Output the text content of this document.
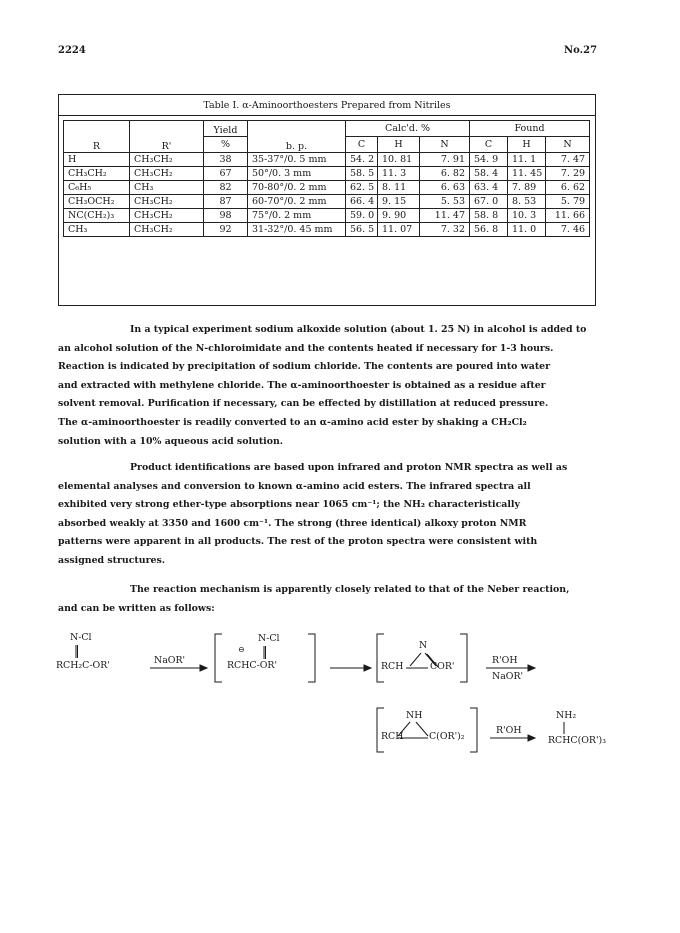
2224	No.27
Table I. α-Aminoorthoesters Prepared from Nitriles
R	R'	Yield	b. p.	Calc'd. %			Found		
				C	H	N	C	H	N
		%							
H	CH₃CH₂	38	35-37°/0. 5 mm	54. 2	10. 81	7. 91	54. 9	11. 1	7. 47
CH₃CH₂	CH₃CH₂	67	50°/0. 3 mm	58. 5	11. 3	6. 82	58. 4	11. 45	7. 29
C₆H₅	CH₃	82	70-80°/0. 2 mm	62. 5	8. 11	6. 63	63. 4	7. 89	6. 62
CH₃OCH₂	CH₃CH₂	87	60-70°/0. 2 mm	66. 4	9. 15	5. 53	67. 0	8. 53	5. 79
NC(CH₂)₃	CH₃CH₂	98	75°/0. 2 mm	59. 0	9. 90	11. 47	58. 8	10. 3	11. 66
CH₃	CH₃CH₂	92	31-32°/0. 45 mm	56. 5	11. 07	7. 32	56. 8	11. 0	7. 46
In a typical experiment sodium alkoxide solution (about 1. 25 N) in alcohol is added to
an alcohol solution of the N-chloroimidate and the contents heated if necessary for 1-3 hours.
Reaction is indicated by precipitation of sodium chloride. The contents are poured into water
and extracted with methylene chloride. The α-aminoorthoester is obtained as a residue after
solvent removal. Purification if necessary, can be effected by distillation at reduced pressure.
The α-aminoorthoester is readily converted to an α-amino acid ester by shaking a CH₂Cl₂
solution with a 10% aqueous acid solution.
Product identifications are based upon infrared and proton NMR spectra as well as
elemental analyses and conversion to known α-amino acid esters. The infrared spectra all
exhibited very strong ether-type absorptions near 1065 cm⁻¹; the NH₂ characteristically
absorbed weakly at 3350 and 1600 cm⁻¹. The strong (three identical) alkoxy proton NMR
patterns were apparent in all products. The rest of the proton spectra were consistent with
assigned structures.
The reaction mechanism is apparently closely related to that of the Neber reaction,
and can be written as follows:
N-Cl
RCH₂C-OR'	NaOR'
⊖
N-Cl
RCHC-OR'
N
RCH	COR'
R'OH
NaOR'
NH
RCH	C(OR')₂
R'OH
NH₂
RCHC(OR')₃
